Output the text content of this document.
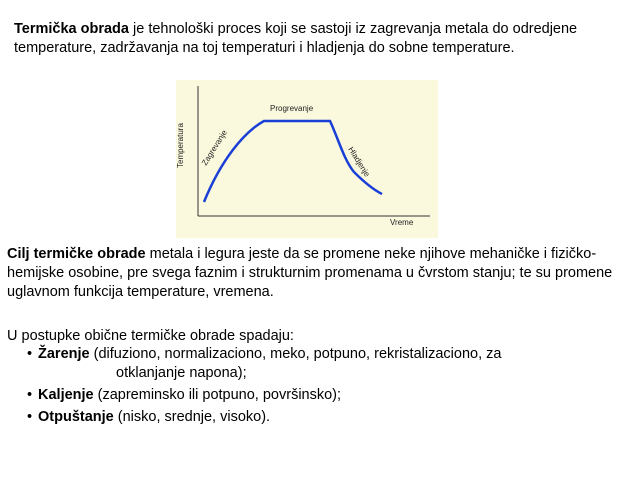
Termička obrada je tehnološki proces koji se sastoji iz zagrevanja metala do odredjene temperature, zadržavanja na toj temperaturi i hladjenja do sobne temperature.
Temperatura
Vreme
Zagrevanje
Progrevanje
Hladjenje
Cilj termičke obrade metala i legura jeste da se promene neke njihove mehaničke i fizičko-hemijske osobine, pre svega faznim i strukturnim promenama u čvrstom stanju; te su promene uglavnom funkcija temperature, vremena.
U postupke obične termičke obrade spadaju:
• Žarenje (difuziono, normalizaciono, meko, potpuno, rekristalizaciono, za
otklanjanje napona);
• Kaljenje (zapreminsko ili potpuno, površinsko);
• Otpuštanje (nisko, srednje, visoko).
